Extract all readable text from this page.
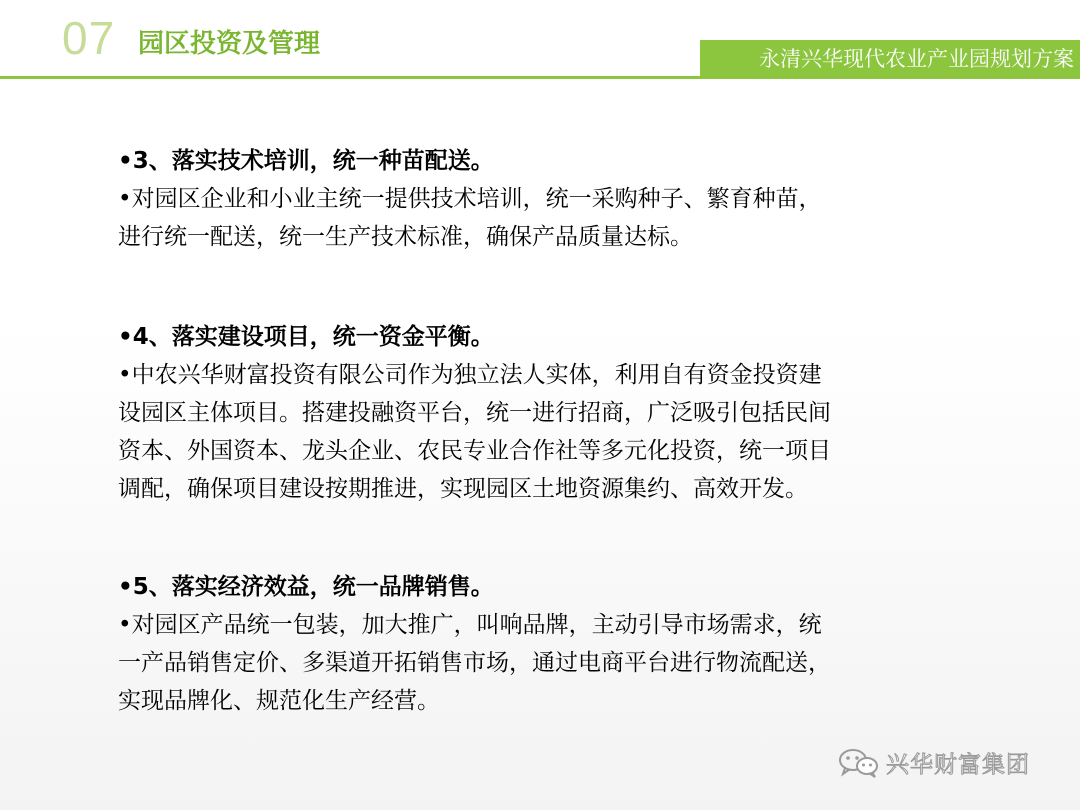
07 园区投资及管理	永清兴华现代农业产业园规划方案
•3、落实技术培训，统一种苗配送。
•对园区企业和小业主统一提供技术培训，统一采购种子、繁育种苗，
进行统一配送，统一生产技术标准，确保产品质量达标。
•4、落实建设项目，统一资金平衡。
•中农兴华财富投资有限公司作为独立法人实体，利用自有资金投资建
设园区主体项目。搭建投融资平台，统一进行招商，广泛吸引包括民间
资本、外国资本、龙头企业、农民专业合作社等多元化投资，统一项目
调配，确保项目建设按期推进，实现园区土地资源集约、高效开发。
•5、落实经济效益，统一品牌销售。
•对园区产品统一包装，加大推广，叫响品牌，主动引导市场需求，统
一产品销售定价、多渠道开拓销售市场，通过电商平台进行物流配送，
实现品牌化、规范化生产经营。
兴华财富集团
